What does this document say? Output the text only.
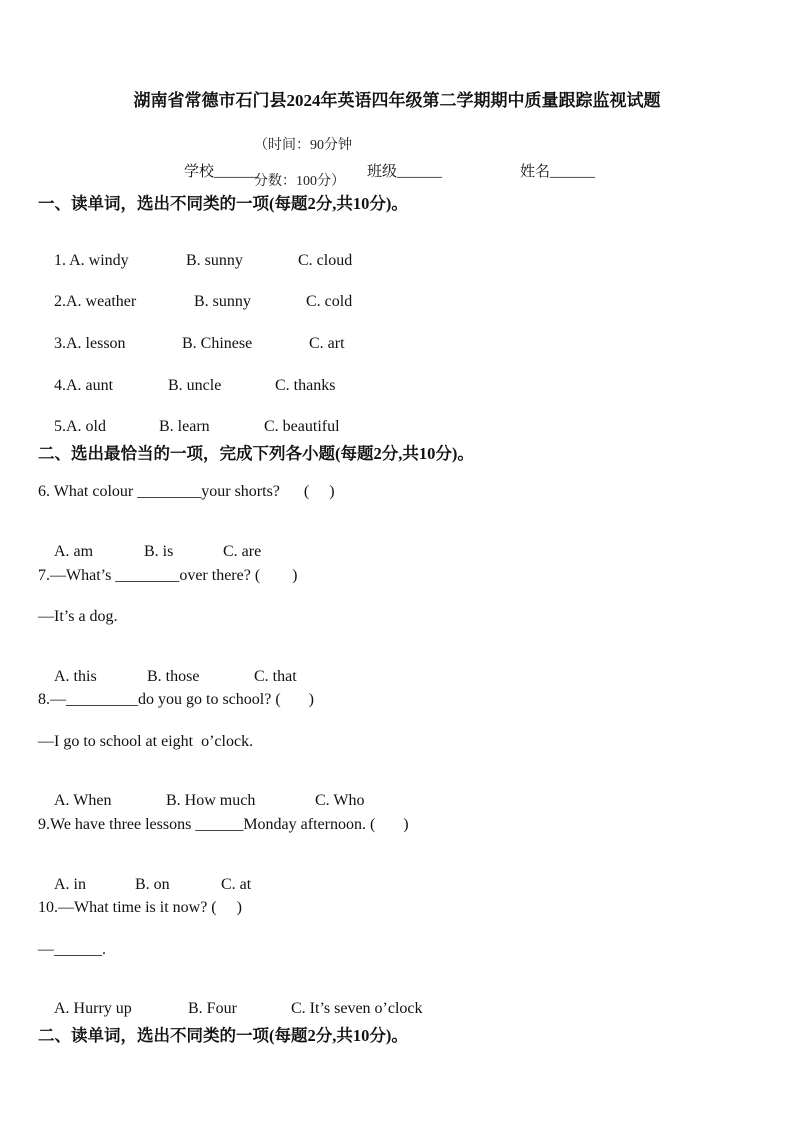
湖南省常德市石门县2024年英语四年级第二学期期中质量跟踪监视试题

（时间：90分钟

分数：100分）

学校______	班级______	姓名______
一、读单词，选出不同类的一项(每题2分,共10分)。

1. A. windy	B. sunny	C. cloud

2.A. weather	B. sunny	C. cold

3.A. lesson	B. Chinese	C. art

4.A. aunt	B. uncle	C. thanks

5.A. old	B. learn	C. beautiful

二、选出最恰当的一项，完成下列各小题(每题2分,共10分)。
6. What colour ________your shorts?      (     )

A. am	B. is	C. are

7.—What’s ________over there? (        )
—It’s a dog.

A. this	B. those	C. that

8.—_________do you go to school? (       )
—I go to school at eight  o’clock.

A. When	B. How much	C. Who

9.We have three lessons ______Monday afternoon. (       )

A. in	B. on	C. at

10.—What time is it now? (     )
—______.

A. Hurry up	B. Four	C. It’s seven o’clock

二、读单词，选出不同类的一项(每题2分,共10分)。
